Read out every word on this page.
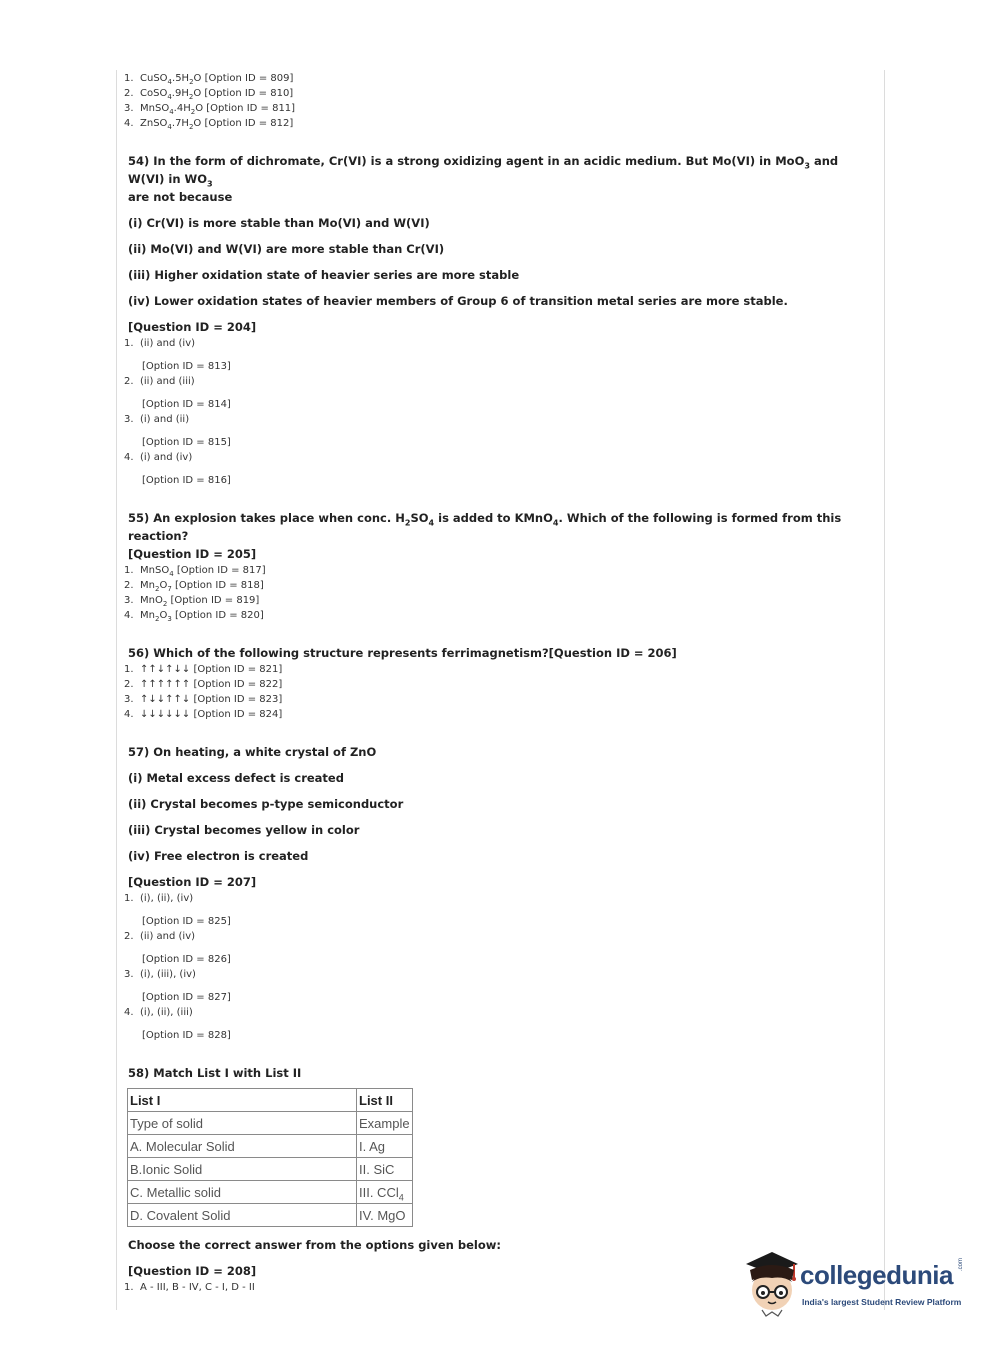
1. $CuSO_4.5H_2O$ [Option ID = 809]
2. $CoSO_4.9H_2O$ [Option ID = 810]
3. $MnSO_4.4H_2O$ [Option ID = 811]
4. $ZnSO_4.7H_2O$ [Option ID = 812]
54) In the form of dichromate, Cr(VI) is a strong oxidizing agent in an acidic medium. But Mo(VI) in MoO$_3$ and W(VI) in $WO_3$
are not because
(i) Cr(VI) is more stable than Mo(VI) and W(VI)
(ii) Mo(VI) and W(VI) are more stable than Cr(VI)
(iii) Higher oxidation state of heavier series are more stable
(iv) Lower oxidation states of heavier members of Group 6 of transition metal series are more stable.
[Question ID = 204]
1. (ii) and (iv)
[Option ID = 813]
2. (ii) and (iii)
[Option ID = 814]
3. (i) and (ii)
[Option ID = 815]
4. (i) and (iv)
[Option ID = 816]
55) An explosion takes place when conc. $H_2SO_4$ is added to KMnO$_4$. Which of the following is formed from this reaction?
[Question ID = 205]
1. MnSO$_4$ [Option ID = 817]
2. $Mn_2O_7$ [Option ID = 818]
3. MnO$_2$ [Option ID = 819]
4. $Mn_2O_3$ [Option ID = 820]
56) Which of the following structure represents ferrimagnetism?[Question ID = 206]
1. ↑↑↓↑↓↓ [Option ID = 821]
2. ↑↑↑↑↑↑ [Option ID = 822]
3. ↑↓↓↑↑↓ [Option ID = 823]
4. ↓↓↓↓↓↓ [Option ID = 824]
57) On heating, a white crystal of ZnO
(i) Metal excess defect is created
(ii) Crystal becomes p-type semiconductor
(iii) Crystal becomes yellow in color
(iv) Free electron is created
[Question ID = 207]
1. (i), (ii), (iv)
[Option ID = 825]
2. (ii) and (iv)
[Option ID = 826]
3. (i), (iii), (iv)
[Option ID = 827]
4. (i), (ii), (iii)
[Option ID = 828]
58) Match List I with List II
List I	List II
Type of solid	Example
A. Molecular Solid	I. Ag
B.Ionic Solid	II. SiC
C. Metallic solid	III. CCl$_4$
D. Covalent Solid	IV. MgO
Choose the correct answer from the options given below:
[Question ID = 208]
1. A - III, B - IV, C - I, D - II	collegedunia .com
India's largest Student Review Platform
